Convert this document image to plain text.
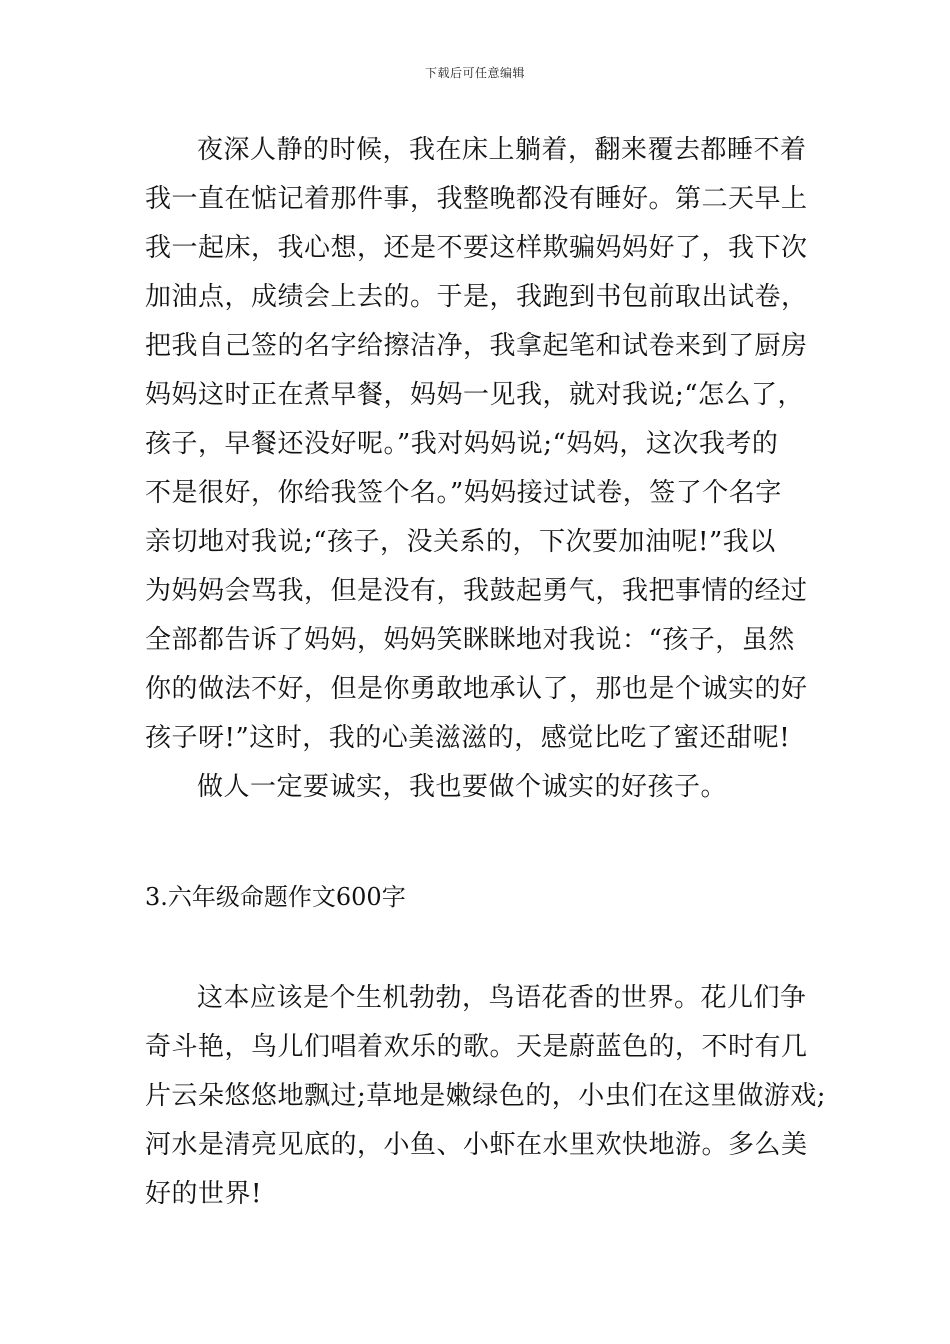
下载后可任意编辑
夜深人静的时候，我在床上躺着，翻来覆去都睡不着
我一直在惦记着那件事，我整晚都没有睡好。第二天早上
我一起床，我心想，还是不要这样欺骗妈妈好了，我下次
加油点，成绩会上去的。于是，我跑到书包前取出试卷，
把我自己签的名字给擦洁净，我拿起笔和试卷来到了厨房
妈妈这时正在煮早餐，妈妈一见我，就对我说;“怎么了，
孩子，早餐还没好呢。”我对妈妈说;“妈妈，这次我考的
不是很好，你给我签个名。”妈妈接过试卷，签了个名字
亲切地对我说;“孩子，没关系的，下次要加油呢!”我以
为妈妈会骂我，但是没有，我鼓起勇气，我把事情的经过
全部都告诉了妈妈，妈妈笑眯眯地对我说：“孩子，虽然
你的做法不好，但是你勇敢地承认了，那也是个诚实的好
孩子呀!”这时，我的心美滋滋的，感觉比吃了蜜还甜呢!
做人一定要诚实，我也要做个诚实的好孩子。
3.六年级命题作文600字
这本应该是个生机勃勃，鸟语花香的世界。花儿们争
奇斗艳，鸟儿们唱着欢乐的歌。天是蔚蓝色的，不时有几
片云朵悠悠地飘过;草地是嫩绿色的，小虫们在这里做游戏;
河水是清亮见底的，小鱼、小虾在水里欢快地游。多么美
好的世界!
